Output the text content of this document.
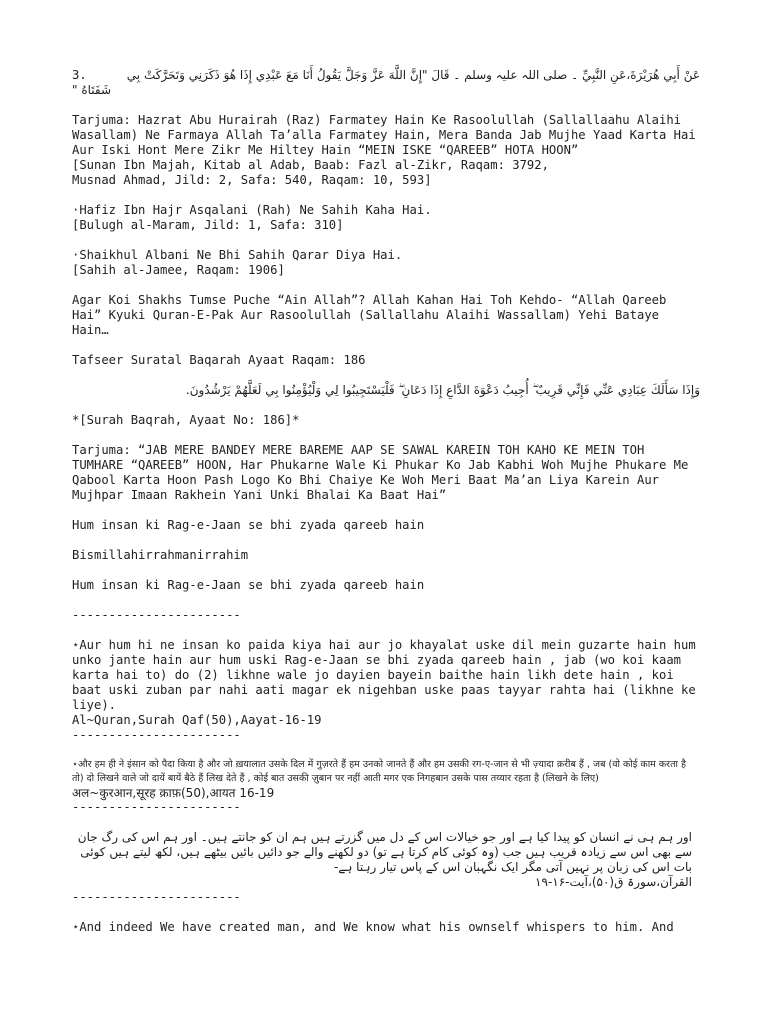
3.	عَنْ أَبِي هُرَيْرَةَ،عَنِ النَّبِيِّ ۔ صلی اللہ علیہ وسلم ۔ قَالَ "إِنَّ اللَّهَ عَزَّ وَجَلَّ يَقُولُ أَنَا مَعَ عَبْدِي إِذَا هُوَ ذَكَرَنِي وَتَحَرَّكَتْ بِي
شَفَتَاهُ "
Tarjuma: Hazrat Abu Hurairah (Raz) Farmatey Hain Ke Rasoolullah (Sallallaahu Alaihi Wasallam) Ne Farmaya Allah Ta’alla Farmatey Hain, Mera Banda Jab Mujhe Yaad Karta Hai Aur Iski Hont Mere Zikr Me Hiltey Hain “MEIN ISKE “QAREEB” HOTA HOON”
[Sunan Ibn Majah, Kitab al Adab, Baab: Fazl al-Zikr, Raqam: 3792,
Musnad Ahmad, Jild: 2, Safa: 540, Raqam: 10, 593]
·Hafiz Ibn Hajr Asqalani (Rah) Ne Sahih Kaha Hai.
[Bulugh al-Maram, Jild: 1, Safa: 310]
·Shaikhul Albani Ne Bhi Sahih Qarar Diya Hai.
[Sahih al-Jamee, Raqam: 1906]
Agar Koi Shakhs Tumse Puche “Ain Allah”? Allah Kahan Hai Toh Kehdo- “Allah Qareeb Hai” Kyuki Quran-E-Pak Aur Rasoolullah (Sallallahu Alaihi Wassallam) Yehi Bataye Hain…
Tafseer Suratal Baqarah Ayaat Raqam: 186
وَإِذَا سَأَلَكَ عِبَادِي عَنِّي فَإِنِّي قَرِيبٌ ۖ أُجِيبُ دَعْوَةَ الدَّاعِ إِذَا دَعَانِ ۖ فَلْيَسْتَجِيبُوا لِي وَلْيُؤْمِنُوا بِي لَعَلَّهُمْ يَرْشُدُونَ.
*[Surah Baqrah, Ayaat No: 186]*
Tarjuma: “JAB MERE BANDEY MERE BAREME AAP SE SAWAL KAREIN TOH KAHO KE MEIN TOH TUMHARE “QAREEB” HOON, Har Phukarne Wale Ki Phukar Ko Jab Kabhi Woh Mujhe Phukare Me Qabool Karta Hoon Pash Logo Ko Bhi Chaiye Ke Woh Meri Baat Ma’an Liya Karein Aur Mujhpar Imaan Rakhein Yani Unki Bhalai Ka Baat Hai”
Hum insan ki Rag-e-Jaan se bhi zyada qareeb hain
Bismillahirrahmanirrahim
Hum insan ki Rag-e-Jaan se bhi zyada qareeb hain
-----------------------
⋆Aur hum hi ne insan ko paida kiya hai aur jo khayalat uske dil mein guzarte hain hum unko jante hain aur hum uski Rag-e-Jaan se bhi zyada qareeb hain , jab (wo koi kaam karta hai to) do (2) likhne wale jo dayien bayein baithe hain likh dete hain , koi baat uski zuban par nahi aati magar ek nigehban uske paas tayyar rahta hai (likhne ke liye).
Al~Quran,Surah Qaf(50),Aayat-16-19
-----------------------
⋆और हम ही ने इंसान को पैदा किया है और जो ख़यालात उसके दिल में गुज़रते हैं हम उनको जानते हैं और हम उसकी रग-ए-जान से भी ज़्यादा क़रीब हैं , जब (वो कोई काम करता है तो) दो लिखने वाले जो दायें बायें बैठे हैं लिख देते हैं , कोई बात उसकी ज़ुबान पर नहीं आती मगर एक निगहबान उसके पास तय्यार रहता है (लिखने के लिए)
अल~कुरआन,सूरह क़ाफ़(50),आयत 16-19
-----------------------
اور ہم ہی نے انسان کو پیدا کیا ہے اور جو خیالات اس کے دل میں گزرتے ہیں ہم ان کو جانتے ہیں۔ اور ہم اس کی رگ جان سے بھی اس سے زیادہ قریب ہیں جب (وہ کوئی کام کرتا ہے تو) دو لکھنے والے جو دائیں بائیں بیٹھے ہیں، لکھ لیتے ہیں کوئی بات اس کی زبان پر نہیں آتی مگر ایک نگہبان اس کے پاس تیار رہتا ہے-
القرآن،سورۃ ق(۵۰)،آیت-۱۶-۱۹
-----------------------
⋆And indeed We have created man, and We know what his ownself whispers to him. And
